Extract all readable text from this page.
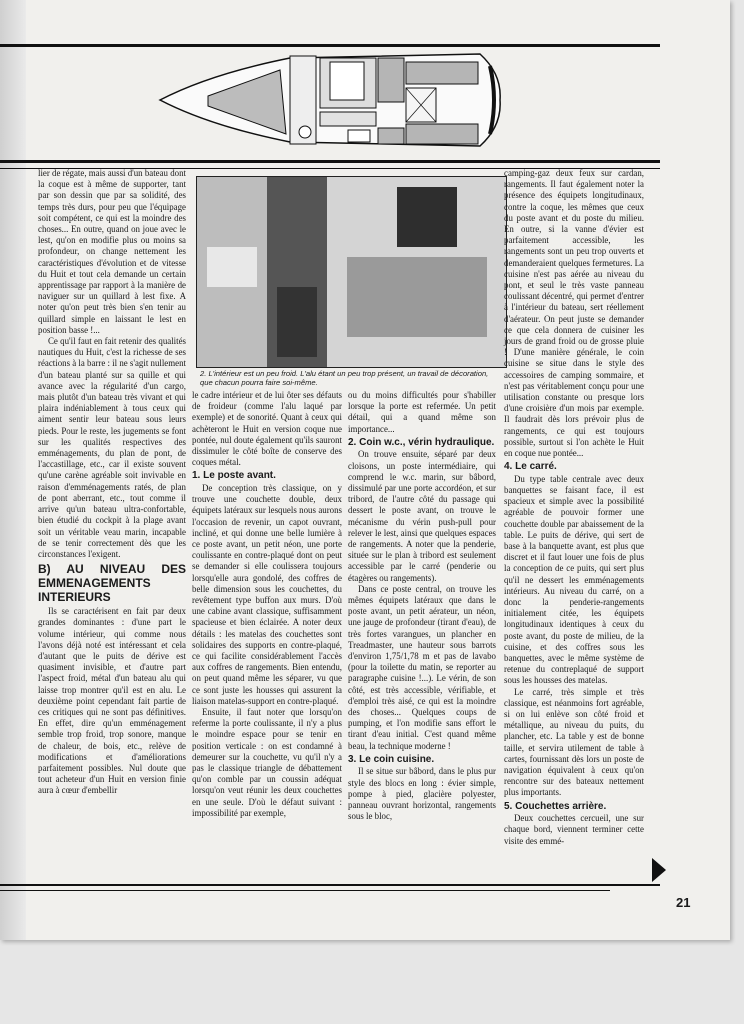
2. L'intérieur est un peu froid. L'alu étant un peu trop présent, un travail de décoration, que chacun pourra faire soi-même.

lier de régate, mais aussi d'un bateau dont la coque est à même de supporter, tant par son dessin que par sa solidité, des temps très durs, pour peu que l'équipage soit compétent, ce qui est la moindre des choses... En outre, quand on joue avec le lest, qu'on en modifie plus ou moins sa profondeur, on change nettement les caractéristiques d'évolution et de vitesse du Huit et tout cela demande un certain apprentissage par rapport à la manière de naviguer sur un quillard à lest fixe. A noter qu'on peut très bien s'en tenir au quillard simple en laissant le lest en position basse !...

Ce qu'il faut en fait retenir des qualités nautiques du Huit, c'est la richesse de ses réactions à la barre : il ne s'agit nullement d'un bateau planté sur sa quille et qui avance avec la régularité d'un cargo, mais plutôt d'un bateau très vivant et qui plaira indéniablement à tous ceux qui aiment sentir leur bateau sous leurs pieds. Pour le reste, les jugements se font sur les qualités respectives des emménagements, du plan de pont, de l'accastillage, etc., car il existe souvent qu'une carène agréable soit invivable en raison d'emménagements ratés, de plan de pont aberrant, etc., tout comme il arrive qu'un bateau ultra-confortable, bien étudié du cockpit à la plage avant soit un véritable veau marin, incapable de se tenir correctement dès que les circonstances l'exigent.

B) AU NIVEAU DES EMMENAGEMENTS INTERIEURS

Ils se caractérisent en fait par deux grandes dominantes : d'une part le volume intérieur, qui comme nous l'avons déjà noté est intéressant et cela d'autant que le puits de dérive est quasiment invisible, et d'autre part l'aspect froid, métal d'un bateau alu qui laisse trop montrer qu'il est en alu. Le deuxième point cependant fait partie de ces critiques qui ne sont pas définitives. En effet, dire qu'un emménagement semble trop froid, trop sonore, manque de chaleur, de bois, etc., relève de modifications et d'améliorations parfaitement possibles. Nul doute que tout acheteur d'un Huit en version finie aura à cœur d'embellir

le cadre intérieur et de lui ôter ses défauts de froideur (comme l'alu laqué par exemple) et de sonorité. Quant à ceux qui achèteront le Huit en version coque nue pontée, nul doute également qu'ils sauront dissimuler le côté boîte de conserve des coques métal.

1. Le poste avant.

De conception très classique, on y trouve une couchette double, deux équipets latéraux sur lesquels nous aurons l'occasion de revenir, un capot ouvrant, incliné, et qui donne une belle lumière à ce poste avant, un petit néon, une porte coulissante en contre-plaqué dont on peut se demander si elle coulissera toujours lorsqu'elle aura gondolé, des coffres de belle dimension sous les couchettes, du revêtement type buffon aux murs. D'où une cabine avant classique, suffisamment spacieuse et bien éclairée. A noter deux détails : les matelas des couchettes sont solidaires des supports en contre-plaqué, ce qui facilite considérablement l'accès aux coffres de rangements. Bien entendu, on peut quand même les séparer, vu que ce sont juste les housses qui assurent la liaison matelas-support en contre-plaqué.

Ensuite, il faut noter que lorsqu'on referme la porte coulissante, il n'y a plus le moindre espace pour se tenir en position verticale : on est condamné à demeurer sur la couchette, vu qu'il n'y a pas le classique triangle de débattement qu'on comble par un coussin adéquat lorsqu'on veut réunir les deux couchettes en une seule. D'où le défaut suivant : impossibilité par exemple,

ou du moins difficultés pour s'habiller lorsque la porte est refermée. Un petit détail, qui a quand même son importance...

2. Coin w.c., vérin hydraulique.

On trouve ensuite, séparé par deux cloisons, un poste intermédiaire, qui comprend le w.c. marin, sur bâbord, dissimulé par une porte accordéon, et sur tribord, de l'autre côté du passage qui dessert le poste avant, on trouve le mécanisme du vérin push-pull pour relever le lest, ainsi que quelques espaces de rangements. A noter que la penderie, située sur le plan à tribord est seulement accessible par le carré (penderie ou étagères ou rangements).

Dans ce poste central, on trouve les mêmes équipets latéraux que dans le poste avant, un petit aérateur, un néon, une jauge de profondeur (tirant d'eau), de très fortes varangues, un plancher en Treadmaster, une hauteur sous barrots d'environ 1,75/1,78 m et pas de lavabo (pour la toilette du matin, se reporter au paragraphe cuisine !...). Le vérin, de son côté, est très accessible, vérifiable, et d'emploi très aisé, ce qui est la moindre des choses... Quelques coups de pumping, et l'on modifie sans effort le tirant d'eau initial. C'est quand même beau, la technique moderne !

3. Le coin cuisine.

Il se situe sur bâbord, dans le plus pur style des blocs en long : évier simple, pompe à pied, glacière polyester, panneau ouvrant horizontal, rangements sous le bloc,

camping-gaz deux feux sur cardan, rangements. Il faut également noter la présence des équipets longitudinaux, contre la coque, les mêmes que ceux du poste avant et du poste du milieu. En outre, si la vanne d'évier est parfaitement accessible, les rangements sont un peu trop ouverts et demanderaient quelques fermetures. La cuisine n'est pas aérée au niveau du pont, et seul le très vaste panneau coulissant décentré, qui permet d'entrer à l'intérieur du bateau, sert réellement d'aérateur. On peut juste se demander ce que cela donnera de cuisiner les jours de grand froid ou de grosse pluie ! D'une manière générale, le coin cuisine se situe dans le style des accessoires de camping sommaire, et n'est pas véritablement conçu pour une utilisation constante ou presque lors d'une croisière d'un mois par exemple. Il faudrait dès lors prévoir plus de rangements, ce qui est toujours possible, surtout si l'on achète le Huit en coque nue pontée...

4. Le carré.

Du type table centrale avec deux banquettes se faisant face, il est spacieux et simple avec la possibilité agréable de pouvoir former une couchette double par abaissement de la table. Le puits de dérive, qui sert de base à la banquette avant, est plus que discret et il faut louer une fois de plus la conception de ce puits, qui sert plus qu'il ne dessert les emménagements intérieurs. Au niveau du carré, on a donc la penderie-rangements initialement citée, les équipets longitudinaux identiques à ceux du poste avant, du poste de milieu, de la cuisine, et des coffres sous les banquettes, avec le même système de retenue du contreplaqué de support sous les housses des matelas.

Le carré, très simple et très classique, est néanmoins fort agréable, si on lui enlève son côté froid et métallique, au niveau du puits, du plancher, etc. La table y est de bonne taille, et servira utilement de table à cartes, fournissant dès lors un poste de navigation équivalent à ceux qu'on rencontre sur des bateaux nettement plus importants.

5. Couchettes arrière.

Deux couchettes cercueil, une sur chaque bord, viennent terminer cette visite des emmé-

21
